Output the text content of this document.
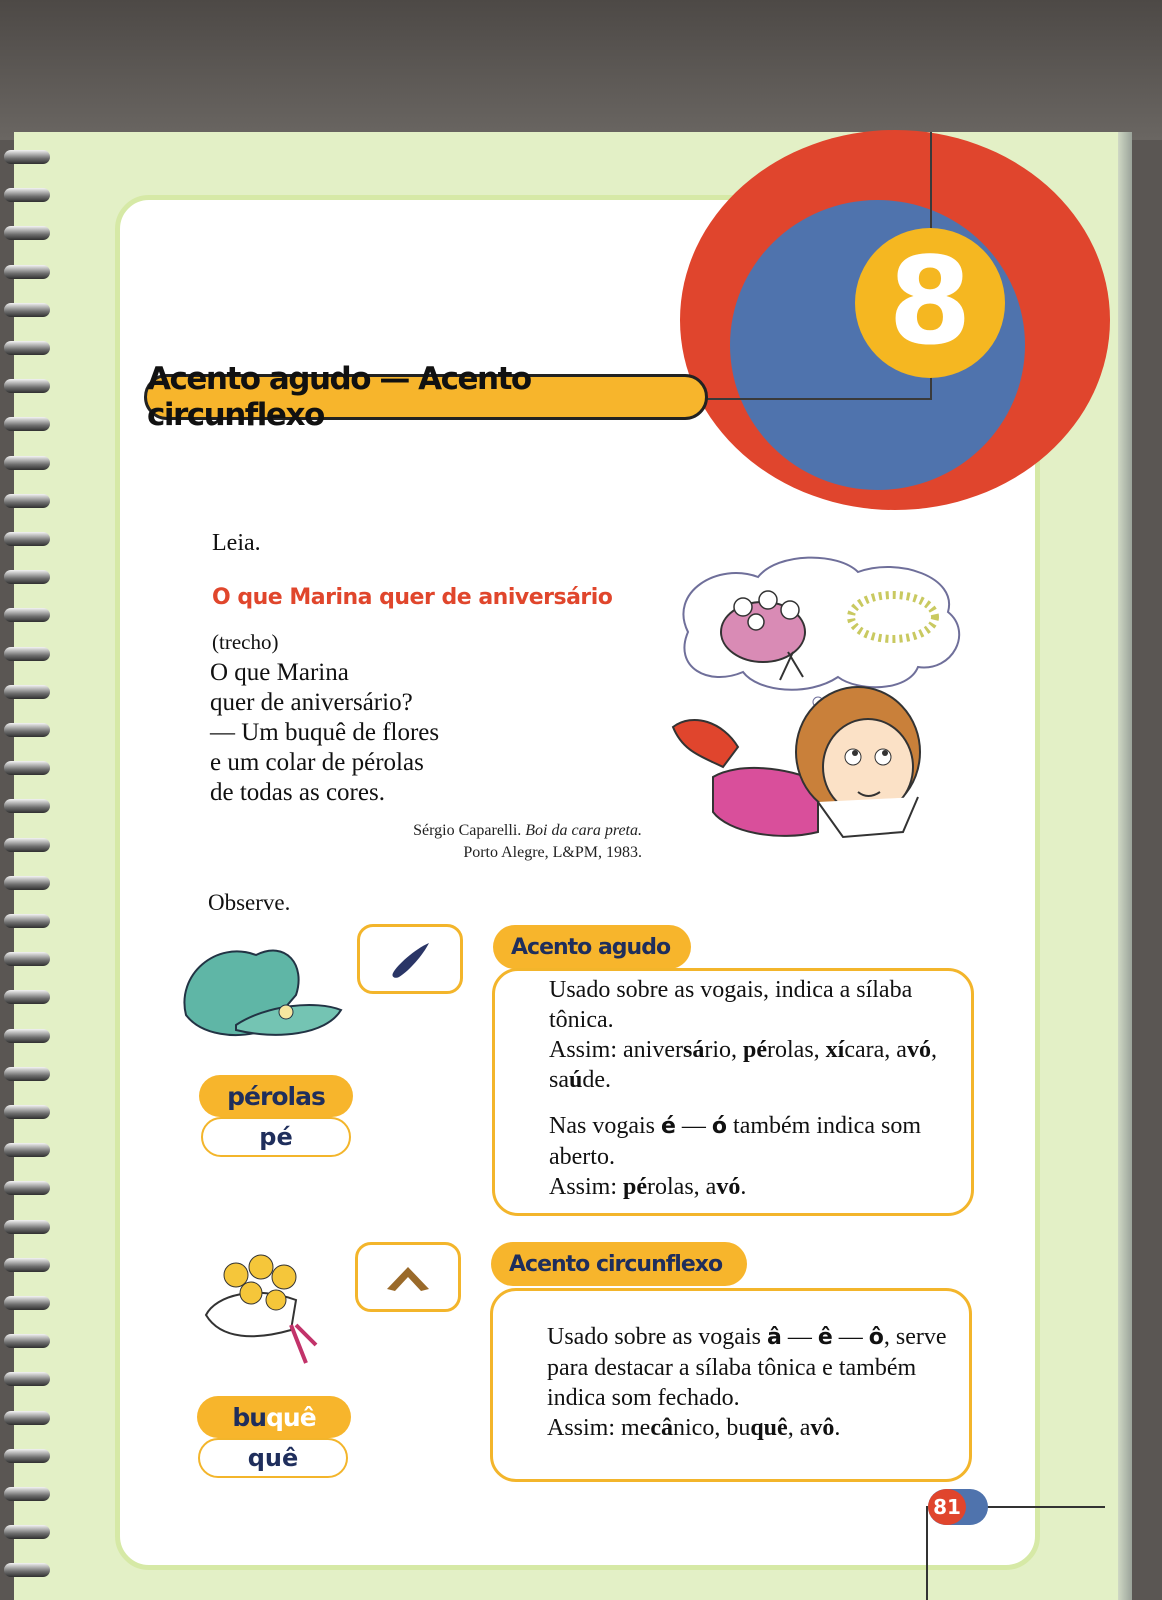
8
Acento agudo — Acento circunflexo
Leia.
O que Marina quer de aniversário
(trecho)
O que Marina
quer de aniversário?
— Um buquê de flores
e um colar de pérolas
de todas as cores.
Sérgio Caparelli. Boi da cara preta.
Porto Alegre, L&PM, 1983.
Observe.
pé rolas
pé
Acento agudo

Usado sobre as vogais, indica a sílaba tônica.

Assim: aniversário, pérolas, xícara, avó, saúde.

Nas vogais é — ó também indica som aberto.

Assim: pérolas, avó.

bu quê
quê
Acento circunflexo

Usado sobre as vogais â — ê — ô, serve para destacar a sílaba tônica e também indica som fechado.

Assim: mecânico, buquê, avô.

81
